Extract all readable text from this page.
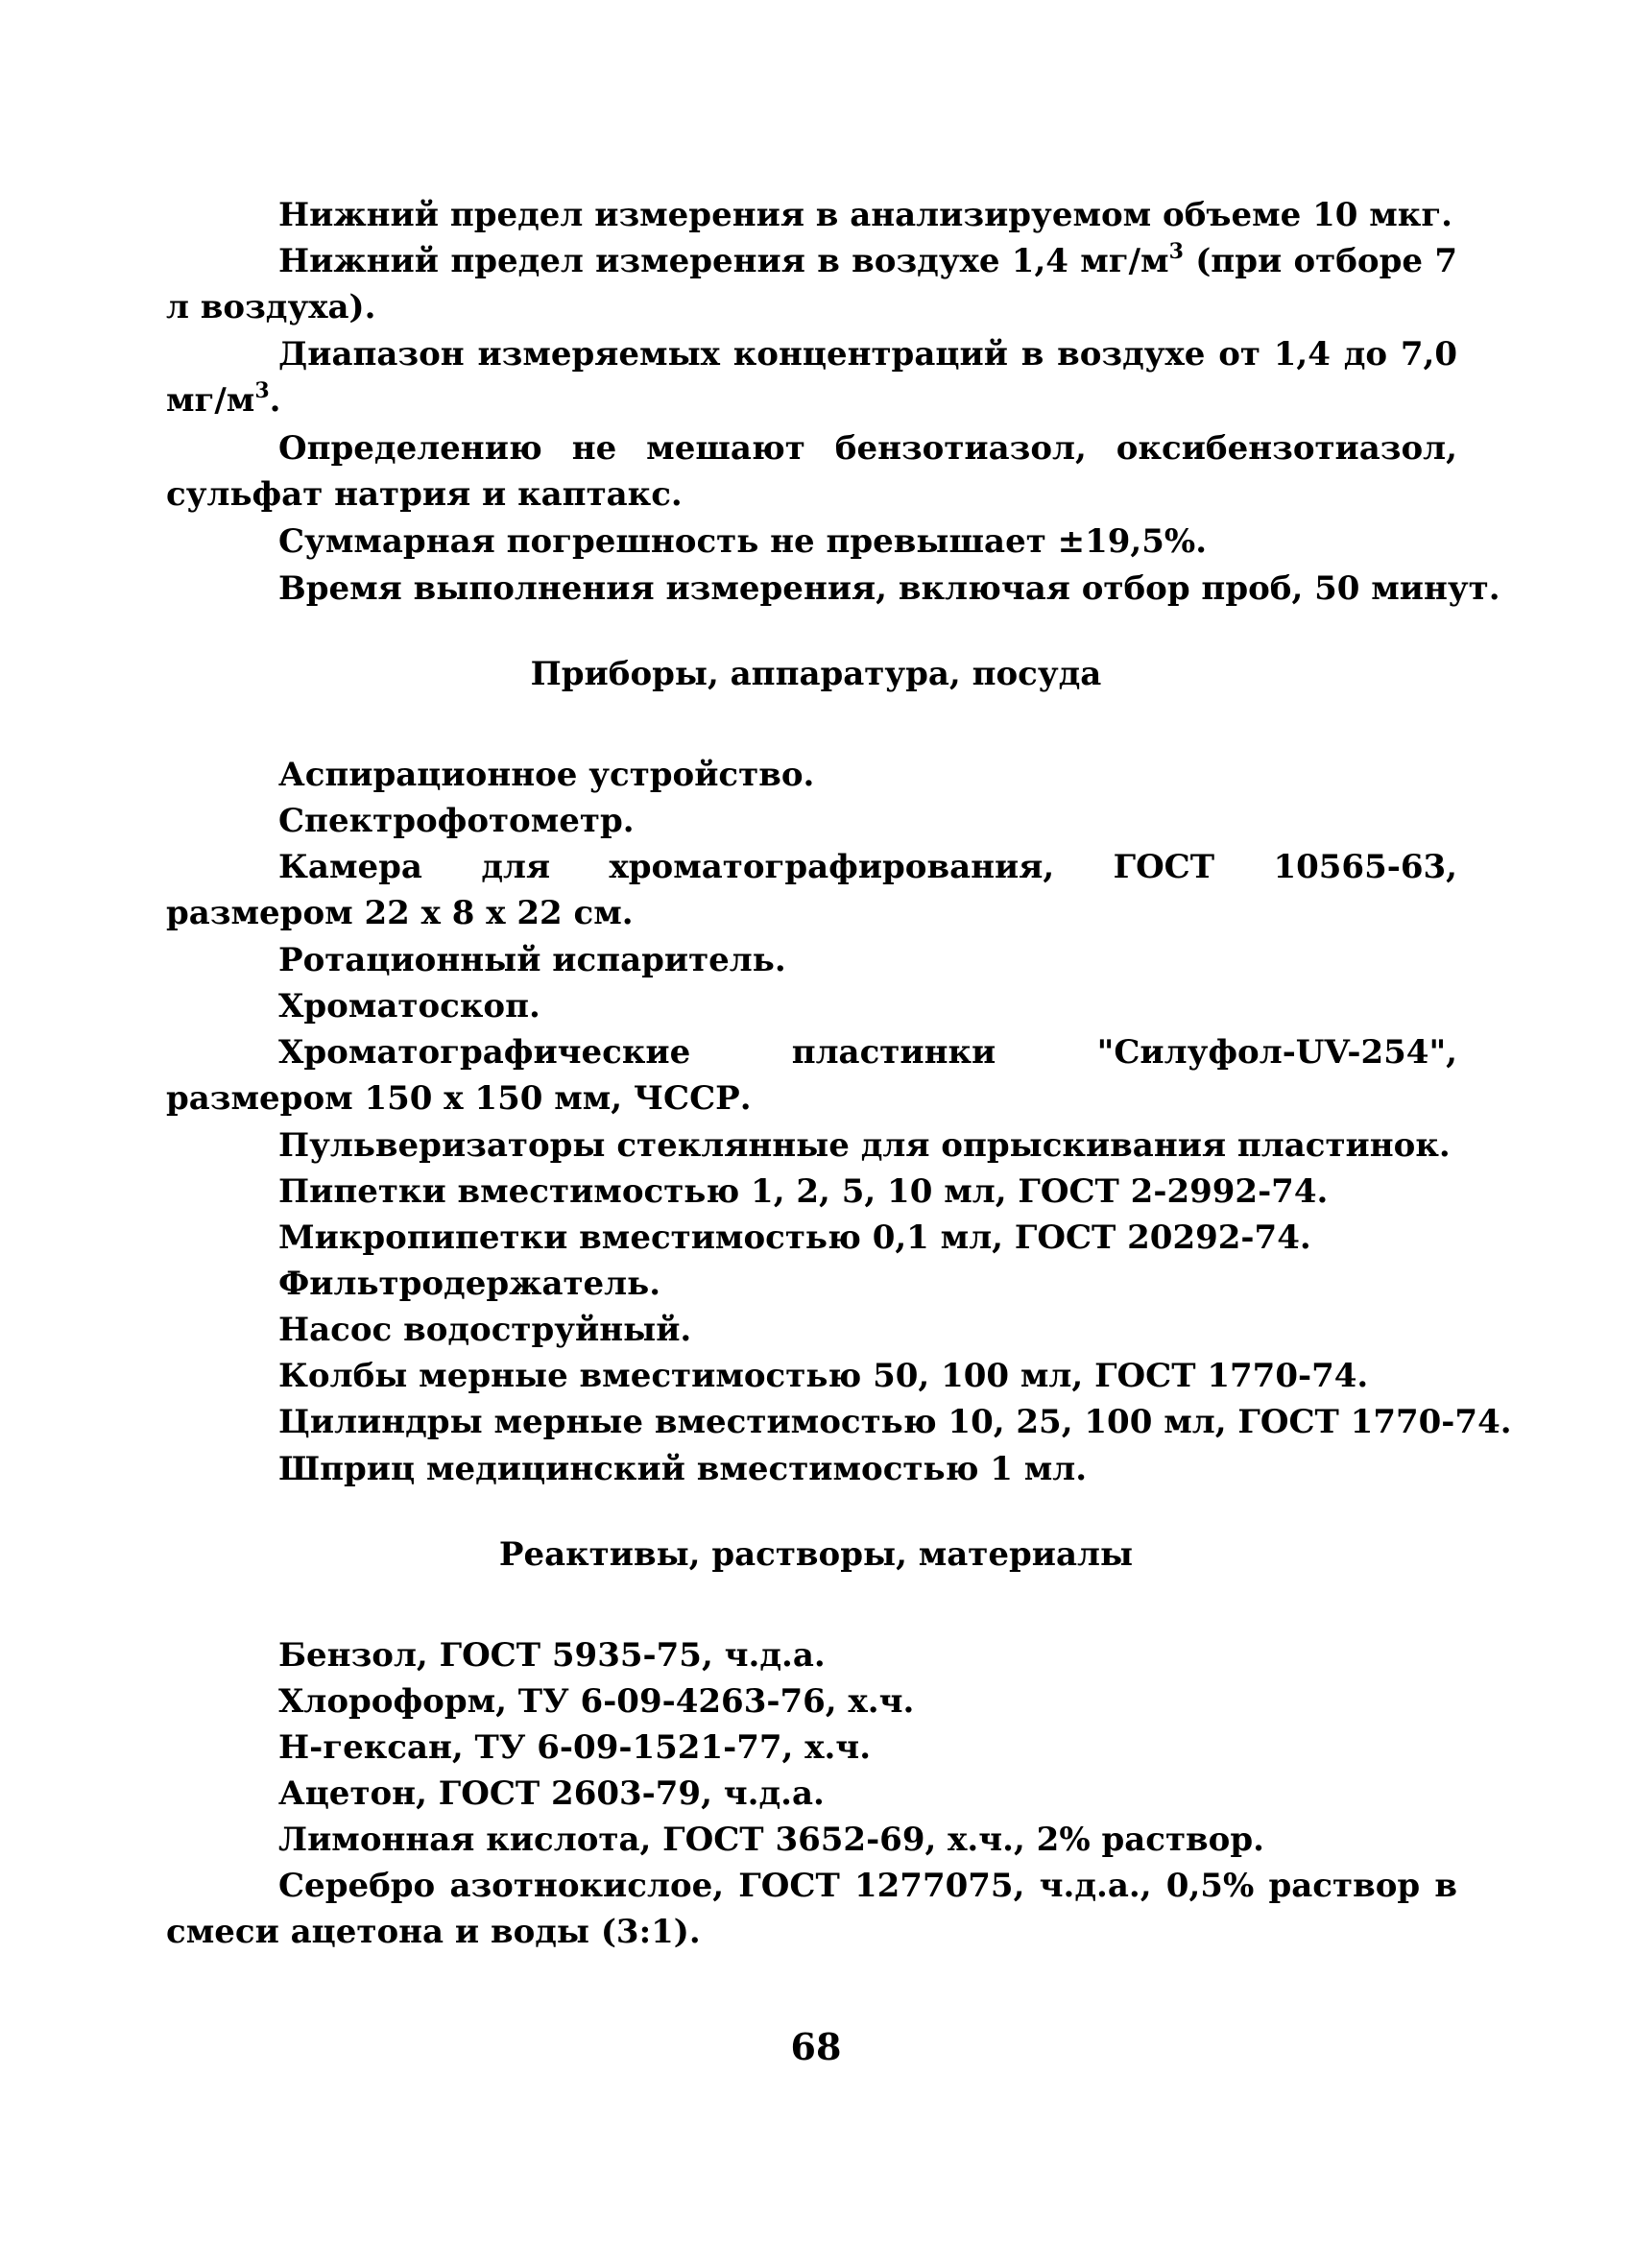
Нижний предел измерения в анализируемом объеме 10 мкг.
Нижний предел измерения в воздухе 1,4 $мг/м^3$ (при отборе 7 л воздуха).
Диапазон измеряемых концентраций в воздухе от 1,4 до 7,0 $мг/м^3$.
Определению не мешают бензотиазол, оксибензотиазол, сульфат натрия и каптакс.
Суммарная погрешность не превышает ±19,5%.
Время выполнения измерения, включая отбор проб, 50 минут.
Приборы, аппаратура, посуда
Аспирационное устройство.
Спектрофотометр.
Камера для хроматографирования, ГОСТ 10565-63, размером 22 х 8 х 22 см.
Ротационный испаритель.
Хроматоскоп.
Хроматографические пластинки "Силуфол-UV-254", размером 150 х 150 мм, ЧССР.
Пульверизаторы стеклянные для опрыскивания пластинок.
Пипетки вместимостью 1, 2, 5, 10 мл, ГОСТ 2-2992-74.
Микропипетки вместимостью 0,1 мл, ГОСТ 20292-74.
Фильтродержатель.
Насос водоструйный.
Колбы мерные вместимостью 50, 100 мл, ГОСТ 1770-74.
Цилиндры мерные вместимостью 10, 25, 100 мл, ГОСТ 1770-74.
Шприц медицинский вместимостью 1 мл.
Реактивы, растворы, материалы
Бензол, ГОСТ 5935-75, ч.д.а.
Хлороформ, ТУ 6-09-4263-76, х.ч.
Н-гексан, ТУ 6-09-1521-77, х.ч.
Ацетон, ГОСТ 2603-79, ч.д.а.
Лимонная кислота, ГОСТ 3652-69, х.ч., 2% раствор.
Серебро азотнокислое, ГОСТ 1277075, ч.д.а., 0,5% раствор в смеси ацетона и воды (3:1).
68
